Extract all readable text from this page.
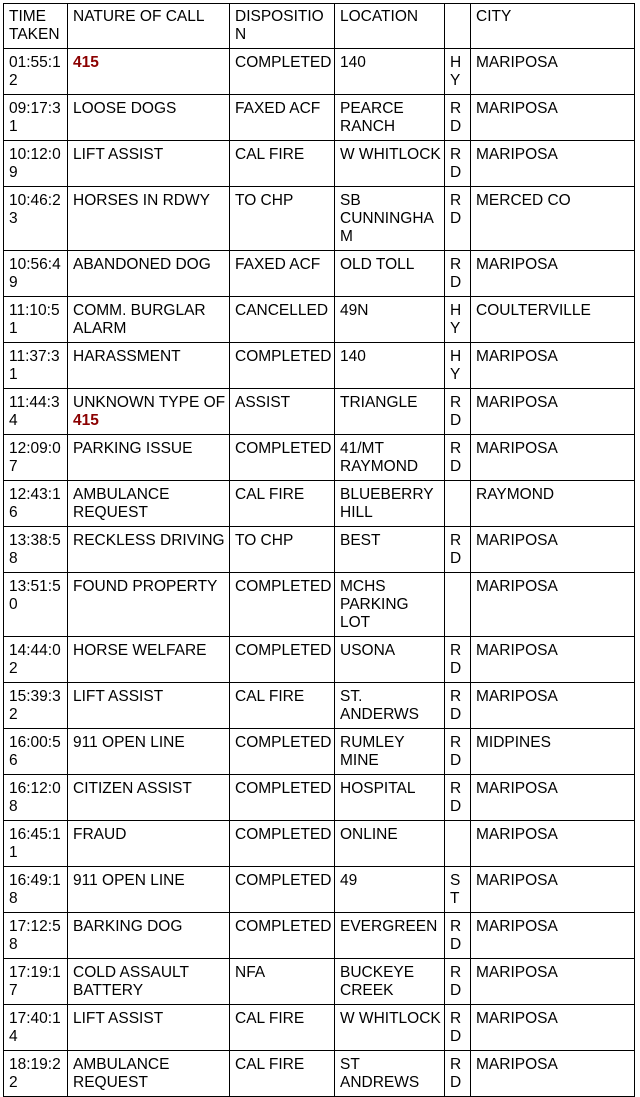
TIME TAKEN	NATURE OF CALL	DISPOSITION	LOCATION		CITY
01:55:12	415	COMPLETED	140	HY	MARIPOSA
09:17:31	LOOSE DOGS	FAXED ACF	PEARCE RANCH	RD	MARIPOSA
10:12:09	LIFT ASSIST	CAL FIRE	W WHITLOCK	RD	MARIPOSA
10:46:23	HORSES IN RDWY	TO CHP	SB CUNNINGHAM	RD	MERCED CO
10:56:49	ABANDONED DOG	FAXED ACF	OLD TOLL	RD	MARIPOSA
11:10:51	COMM. BURGLAR ALARM	CANCELLED	49N	HY	COULTERVILLE
11:37:31	HARASSMENT	COMPLETED	140	HY	MARIPOSA
11:44:34	UNKNOWN TYPE OF 415	ASSIST	TRIANGLE	RD	MARIPOSA
12:09:07	PARKING ISSUE	COMPLETED	41/MT RAYMOND	RD	MARIPOSA
12:43:16	AMBULANCE REQUEST	CAL FIRE	BLUEBERRY HILL		RAYMOND
13:38:58	RECKLESS DRIVING	TO CHP	BEST	RD	MARIPOSA
13:51:50	FOUND PROPERTY	COMPLETED	MCHS PARKING LOT		MARIPOSA
14:44:02	HORSE WELFARE	COMPLETED	USONA	RD	MARIPOSA
15:39:32	LIFT ASSIST	CAL FIRE	ST. ANDERWS	RD	MARIPOSA
16:00:56	911 OPEN LINE	COMPLETED	RUMLEY MINE	RD	MIDPINES
16:12:08	CITIZEN ASSIST	COMPLETED	HOSPITAL	RD	MARIPOSA
16:45:11	FRAUD	COMPLETED	ONLINE		MARIPOSA
16:49:18	911 OPEN LINE	COMPLETED	49	ST	MARIPOSA
17:12:58	BARKING DOG	COMPLETED	EVERGREEN	RD	MARIPOSA
17:19:17	COLD ASSAULT BATTERY	NFA	BUCKEYE CREEK	RD	MARIPOSA
17:40:14	LIFT ASSIST	CAL FIRE	W WHITLOCK	RD	MARIPOSA
18:19:22	AMBULANCE REQUEST	CAL FIRE	ST ANDREWS	RD	MARIPOSA
